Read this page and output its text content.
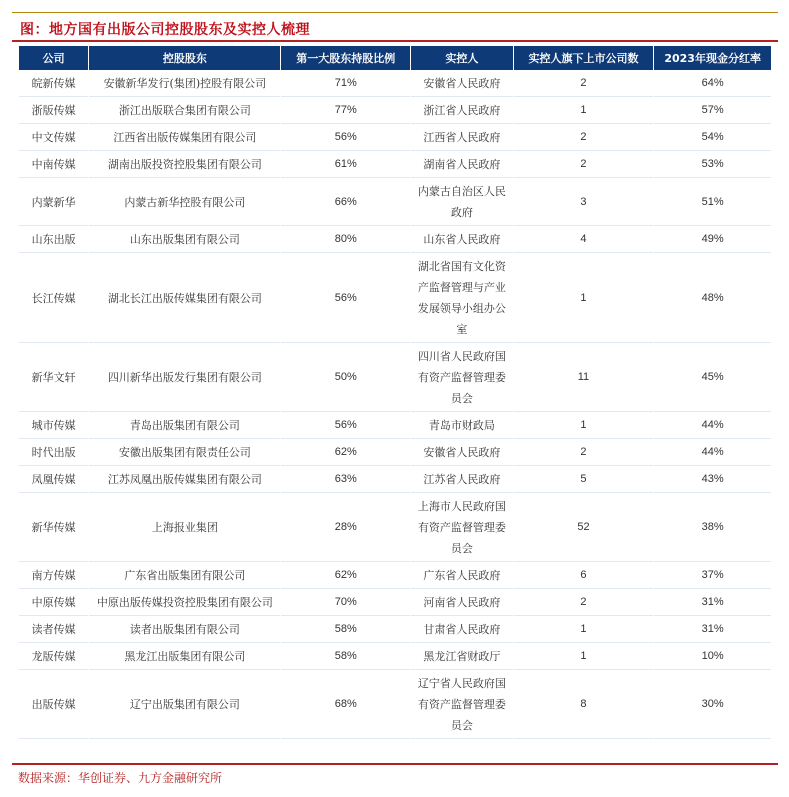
图：地方国有出版公司控股股东及实控人梳理
公司	控股股东	第一大股东持股比例	实控人	实控人旗下上市公司数	2023年现金分红率
皖新传媒	安徽新华发行(集团)控股有限公司	71%	安徽省人民政府	2	64%
浙版传媒	浙江出版联合集团有限公司	77%	浙江省人民政府	1	57%
中文传媒	江西省出版传媒集团有限公司	56%	江西省人民政府	2	54%
中南传媒	湖南出版投资控股集团有限公司	61%	湖南省人民政府	2	53%
内蒙新华	内蒙古新华控股有限公司	66%	内蒙古自治区人民政府	3	51%
山东出版	山东出版集团有限公司	80%	山东省人民政府	4	49%
长江传媒	湖北长江出版传媒集团有限公司	56%	湖北省国有文化资产监督管理与产业发展领导小组办公室	1	48%
新华文轩	四川新华出版发行集团有限公司	50%	四川省人民政府国有资产监督管理委员会	11	45%
城市传媒	青岛出版集团有限公司	56%	青岛市财政局	1	44%
时代出版	安徽出版集团有限责任公司	62%	安徽省人民政府	2	44%
凤凰传媒	江苏凤凰出版传媒集团有限公司	63%	江苏省人民政府	5	43%
新华传媒	上海报业集团	28%	上海市人民政府国有资产监督管理委员会	52	38%
南方传媒	广东省出版集团有限公司	62%	广东省人民政府	6	37%
中原传媒	中原出版传媒投资控股集团有限公司	70%	河南省人民政府	2	31%
读者传媒	读者出版集团有限公司	58%	甘肃省人民政府	1	31%
龙版传媒	黑龙江出版集团有限公司	58%	黑龙江省财政厅	1	10%
出版传媒	辽宁出版集团有限公司	68%	辽宁省人民政府国有资产监督管理委员会	8	30%
数据来源：华创证券、九方金融研究所
